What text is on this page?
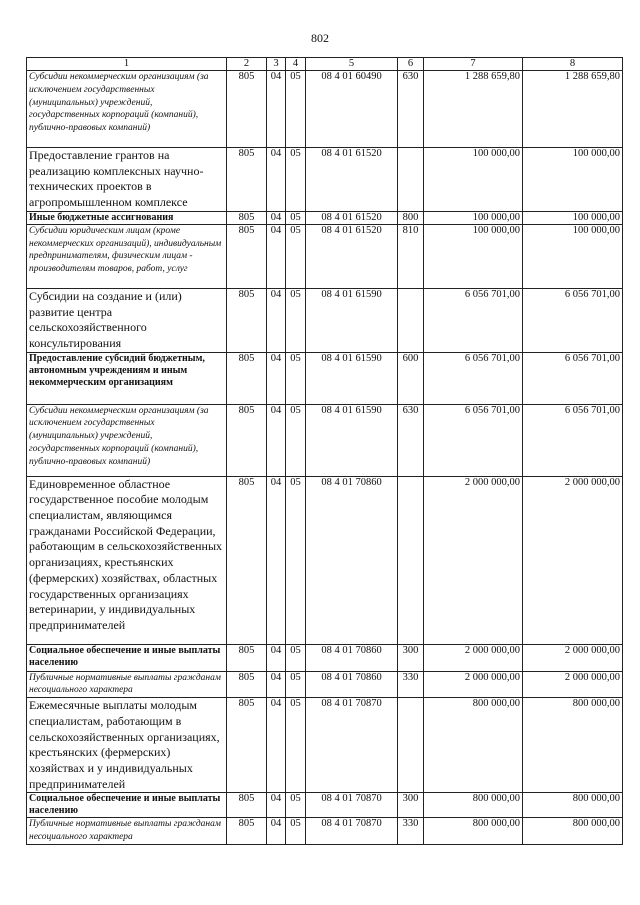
802
1	2	3	4	5	6	7	8
Субсидии некоммерческим организациям (за исключением государственных (муниципальных) учреждений, государственных корпораций (компаний), публично-правовых компаний)	805	04	05	08 4 01 60490	630	1 288 659,80	1 288 659,80
Предоставление грантов на реализацию комплексных научно-технических проектов в агропромышленном комплексе	805	04	05	08 4 01 61520		100 000,00	100 000,00
Иные бюджетные ассигнования	805	04	05	08 4 01 61520	800	100 000,00	100 000,00
Субсидии юридическим лицам (кроме некоммерческих организаций), индивидуальным предпринимателям, физическим лицам - производителям товаров, работ, услуг	805	04	05	08 4 01 61520	810	100 000,00	100 000,00
Субсидии на создание и (или) развитие центра сельскохозяйственного консультирования	805	04	05	08 4 01 61590		6 056 701,00	6 056 701,00
Предоставление субсидий бюджетным, автономным учреждениям и иным некоммерческим организациям	805	04	05	08 4 01 61590	600	6 056 701,00	6 056 701,00
Субсидии некоммерческим организациям (за исключением государственных (муниципальных) учреждений, государственных корпораций (компаний), публично-правовых компаний)	805	04	05	08 4 01 61590	630	6 056 701,00	6 056 701,00
Единовременное областное государственное пособие молодым специалистам, являющимся гражданами Российской Федерации, работающим в сельскохозяйственных организациях, крестьянских (фермерских) хозяйствах, областных государственных организациях ветеринарии, у индивидуальных предпринимателей	805	04	05	08 4 01 70860		2 000 000,00	2 000 000,00
Социальное обеспечение и иные выплаты населению	805	04	05	08 4 01 70860	300	2 000 000,00	2 000 000,00
Публичные нормативные выплаты гражданам несоциального характера	805	04	05	08 4 01 70860	330	2 000 000,00	2 000 000,00
Ежемесячные выплаты молодым специалистам, работающим в сельскохозяйственных организациях, крестьянских (фермерских) хозяйствах и у индивидуальных предпринимателей	805	04	05	08 4 01 70870		800 000,00	800 000,00
Социальное обеспечение и иные выплаты населению	805	04	05	08 4 01 70870	300	800 000,00	800 000,00
Публичные нормативные выплаты гражданам несоциального характера	805	04	05	08 4 01 70870	330	800 000,00	800 000,00
